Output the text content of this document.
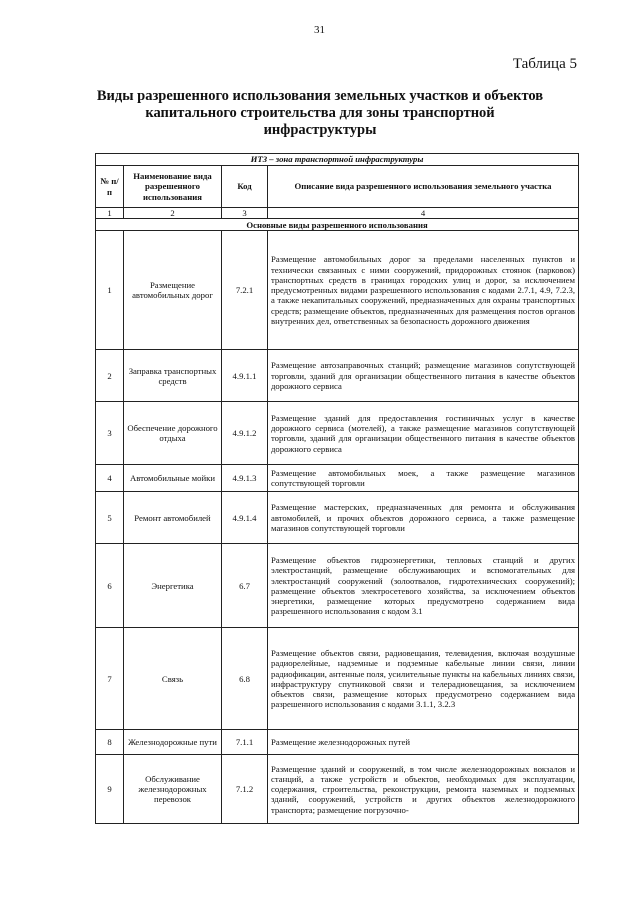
31
Таблица 5
Виды разрешенного использования земельных участков и объектов капитального строительства для зоны транспортной инфраструктуры
ИТЗ – зона транспортной инфраструктуры			
№ п/п	Наименование вида разрешенного использования	Код	Описание вида разрешенного использования земельного участка
1	2	3	4
Основные виды разрешенного использования			
1	Размещение автомобильных дорог	7.2.1	Размещение автомобильных дорог за пределами населенных пунктов и технически связанных с ними сооружений, придорожных стоянок (парковок) транспортных средств в границах городских улиц и дорог, за исключением предусмотренных видами разрешенного использования с кодами 2.7.1, 4.9, 7.2.3, а также некапитальных сооружений, предназначенных для охраны транспортных средств; размещение объектов, предназначенных для размещения постов органов внутренних дел, ответственных за безопасность дорожного движения
2	Заправка транспортных средств	4.9.1.1	Размещение автозаправочных станций; размещение магазинов сопутствующей торговли, зданий для организации общественного питания в качестве объектов дорожного сервиса
3	Обеспечение дорожного отдыха	4.9.1.2	Размещение зданий для предоставления гостиничных услуг в качестве дорожного сервиса (мотелей), а также размещение магазинов сопутствующей торговли, зданий для организации общественного питания в качестве объектов дорожного сервиса
4	Автомобильные мойки	4.9.1.3	Размещение автомобильных моек, а также размещение магазинов сопутствующей торговли
5	Ремонт автомобилей	4.9.1.4	Размещение мастерских, предназначенных для ремонта и обслуживания автомобилей, и прочих объектов дорожного сервиса, а также размещение магазинов сопутствующей торговли
6	Энергетика	6.7	Размещение объектов гидроэнергетики, тепловых станций и других электростанций, размещение обслуживающих и вспомогательных для электростанций сооружений (золоотвалов, гидротехнических сооружений); размещение объектов электросетевого хозяйства, за исключением объектов энергетики, размещение которых предусмотрено содержанием вида разрешенного использования с кодом 3.1
7	Связь	6.8	Размещение объектов связи, радиовещания, телевидения, включая воздушные радиорелейные, надземные и подземные кабельные линии связи, линии радиофикации, антенные поля, усилительные пункты на кабельных линиях связи, инфраструктуру спутниковой связи и телерадиовещания, за исключением объектов связи, размещение которых предусмотрено содержанием вида разрешенного использования с кодами 3.1.1, 3.2.3
8	Железнодорожные пути	7.1.1	Размещение железнодорожных путей
9	Обслуживание железнодорожных перевозок	7.1.2	Размещение зданий и сооружений, в том числе железнодорожных вокзалов и станций, а также устройств и объектов, необходимых для эксплуатации, содержания, строительства, реконструкции, ремонта наземных и подземных зданий, сооружений, устройств и других объектов железнодорожного транспорта; размещение погрузочно-
